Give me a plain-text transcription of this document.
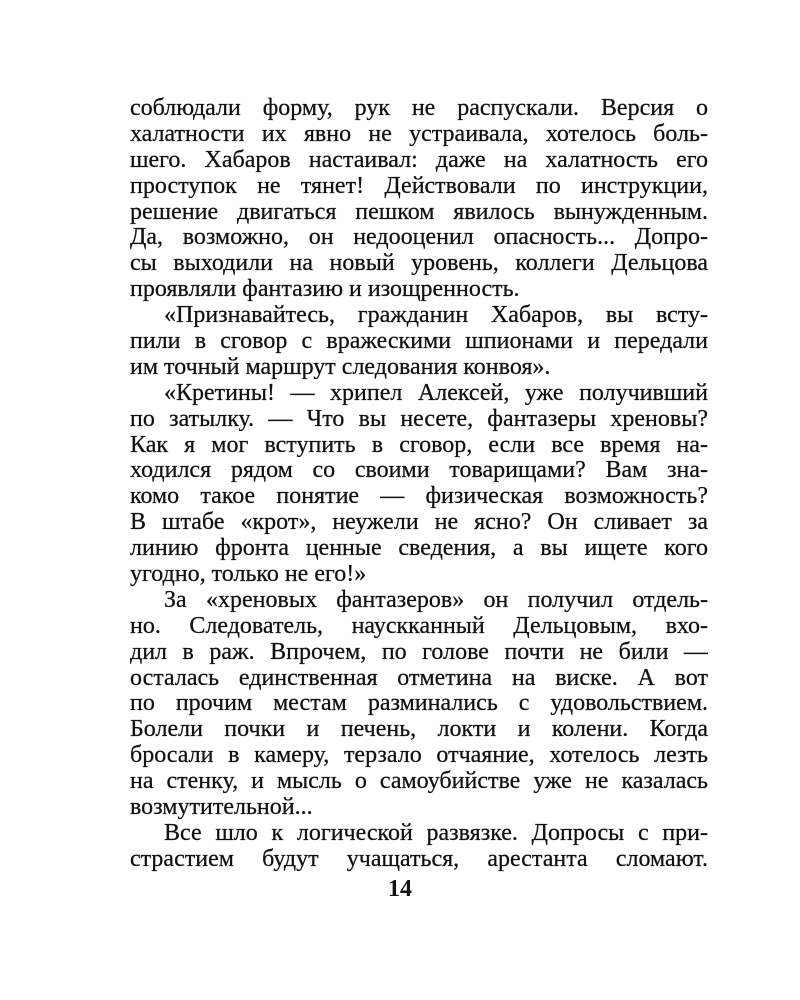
соблюдали форму, рук не распускали. Версия о
халатности их явно не устраивала, хотелось боль-
шего. Хабаров настаивал: даже на халатность его
проступок не тянет! Действовали по инструкции,
решение двигаться пешком явилось вынужденным.
Да, возможно, он недооценил опасность... Допро-
сы выходили на новый уровень, коллеги Дельцова
проявляли фантазию и изощренность.
«Признавайтесь, гражданин Хабаров, вы всту-
пили в сговор с вражескими шпионами и передали
им точный маршрут следования конвоя».
«Кретины! — хрипел Алексей, уже получивший
по затылку. — Что вы несете, фантазеры хреновы?
Как я мог вступить в сговор, если все время на-
ходился рядом со своими товарищами? Вам зна-
комо такое понятие — физическая возможность?
В штабе «крот», неужели не ясно? Он сливает за
линию фронта ценные сведения, а вы ищете кого
угодно, только не его!»
За «хреновых фантазеров» он получил отдель-
но. Следователь, наускканный Дельцовым, вхо-
дил в раж. Впрочем, по голове почти не били —
осталась единственная отметина на виске. А вот
по прочим местам разминались с удовольствием.
Болели почки и печень, локти и колени. Когда
бросали в камеру, терзало отчаяние, хотелось лезть
на стенку, и мысль о самоубийстве уже не казалась
возмутительной...
Все шло к логической развязке. Допросы с при-
страстием будут учащаться, арестанта сломают.
14
